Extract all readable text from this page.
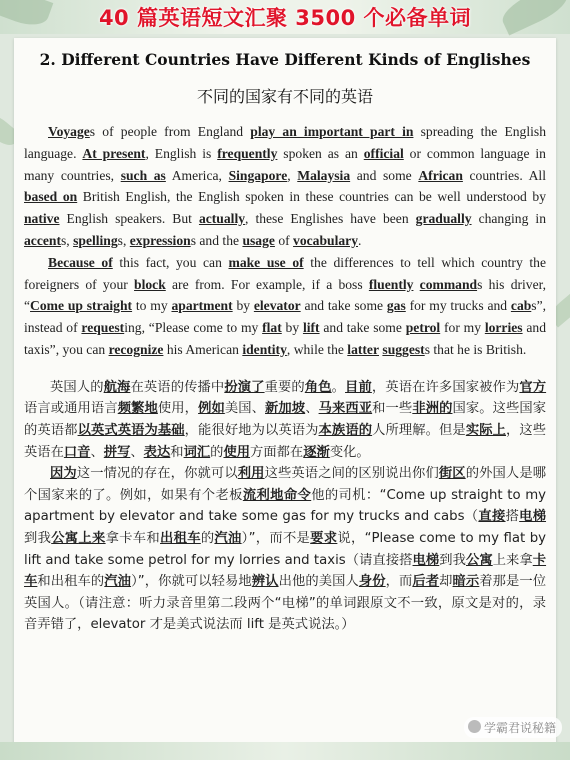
40 篇英语短文汇聚 3500 个必备单词
2. Different Countries Have Different Kinds of Englishes
不同的国家有不同的英语

Voyages of people from England play an important part in spreading the English language. At present, English is frequently spoken as an official or common language in many countries, such as America, Singapore, Malaysia and some African countries. All based on British English, the English spoken in these countries can be well understood by native English speakers. But actually, these Englishes have been gradually changing in accents, spellings, expressions and the usage of vocabulary.

Because of this fact, you can make use of the differences to tell which country the foreigners of your block are from. For example, if a boss fluently commands his driver, “Come up straight to my apartment by elevator and take some gas for my trucks and cabs”, instead of requesting, “Please come to my flat by lift and take some petrol for my lorries and taxis”, you can recognize his American identity, while the latter suggests that he is British.

英国人的航海在英语的传播中扮演了重要的角色。目前，英语在许多国家被作为官方语言或通用语言频繁地使用，例如美国、新加坡、马来西亚和一些非洲的国家。这些国家的英语都以英式英语为基础，能很好地为以英语为本族语的人所理解。但是实际上，这些英语在口音、拼写、表达和词汇的使用方面都在逐渐变化。

因为这一情况的存在，你就可以利用这些英语之间的区别说出你们街区的外国人是哪个国家来的了。例如，如果有个老板流利地命令他的司机：“Come up straight to my apartment by elevator and take some gas for my trucks and cabs（直接搭电梯到我公寓上来拿卡车和出租车的汽油）”，而不是要求说，“Please come to my flat by lift and take some petrol for my lorries and taxis（请直接搭电梯到我公寓上来拿卡车和出租车的汽油）”，你就可以轻易地辨认出他的美国人身份，而后者却暗示着那是一位英国人。（请注意：听力录音里第二段两个“电梯”的单词跟原文不一致，原文是对的，录音弄错了，elevator 才是美式说法而 lift 是英式说法。）

学霸君说秘籍
